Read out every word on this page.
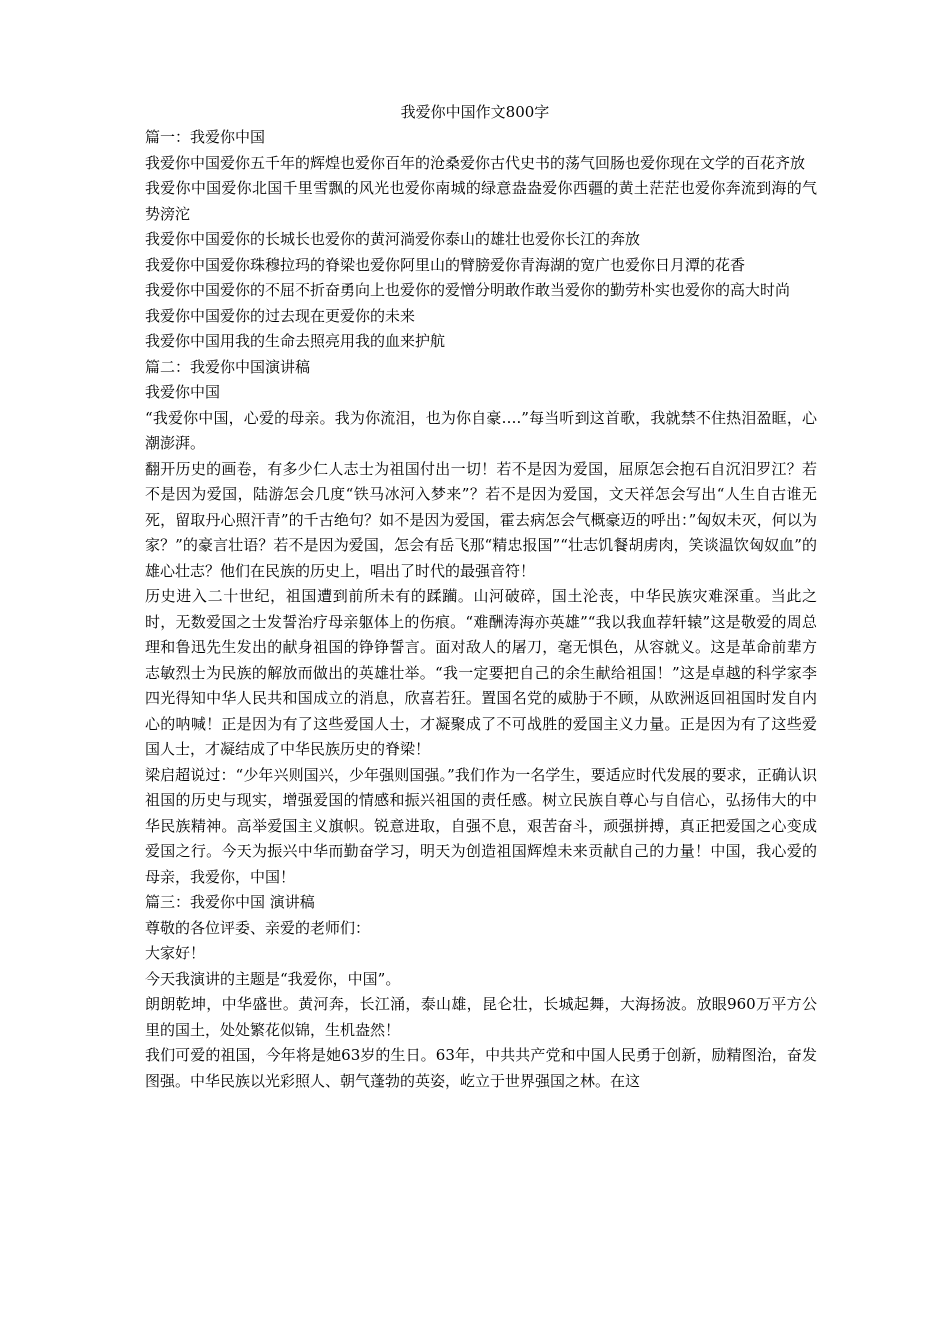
我爱你中国作文800字

篇一：我爱你中国

我爱你中国爱你五千年的辉煌也爱你百年的沧桑爱你古代史书的荡气回肠也爱你现在文学的百花齐放

我爱你中国爱你北国千里雪飘的风光也爱你南城的绿意盎盎爱你西疆的黄土茫茫也爱你奔流到海的气势滂沱

我爱你中国爱你的长城长也爱你的黄河淌爱你泰山的雄壮也爱你长江的奔放

我爱你中国爱你珠穆拉玛的脊梁也爱你阿里山的臂膀爱你青海湖的宽广也爱你日月潭的花香

我爱你中国爱你的不屈不折奋勇向上也爱你的爱憎分明敢作敢当爱你的勤劳朴实也爱你的高大时尚

我爱你中国爱你的过去现在更爱你的未来

我爱你中国用我的生命去照亮用我的血来护航

篇二：我爱你中国演讲稿

我爱你中国

“我爱你中国，心爱的母亲。我为你流泪，也为你自豪….”每当听到这首歌，我就禁不住热泪盈眶，心潮澎湃。

翻开历史的画卷，有多少仁人志士为祖国付出一切！若不是因为爱国，屈原怎会抱石自沉汨罗江？若不是因为爱国，陆游怎会几度“铁马冰河入梦来”？若不是因为爱国，文天祥怎会写出“人生自古谁无死，留取丹心照汗青”的千古绝句？如不是因为爱国，霍去病怎会气概豪迈的呼出：”匈奴未灭，何以为家？”的豪言壮语？若不是因为爱国，怎会有岳飞那“精忠报国”“壮志饥餐胡虏肉，笑谈温饮匈奴血”的雄心壮志？他们在民族的历史上，唱出了时代的最强音符！

历史进入二十世纪，祖国遭到前所未有的蹂躏。山河破碎，国土沦丧，中华民族灾难深重。当此之时，无数爱国之士发誓治疗母亲躯体上的伤痕。“难酬涛海亦英雄”“我以我血荐轩辕”这是敬爱的周总理和鲁迅先生发出的献身祖国的铮铮誓言。面对敌人的屠刀，毫无惧色，从容就义。这是革命前辈方志敏烈士为民族的解放而做出的英雄壮举。“我一定要把自己的余生献给祖国！”这是卓越的科学家李四光得知中华人民共和国成立的消息，欣喜若狂。置国名党的威胁于不顾，从欧洲返回祖国时发自内心的呐喊！正是因为有了这些爱国人士，才凝聚成了不可战胜的爱国主义力量。正是因为有了这些爱国人士，才凝结成了中华民族历史的脊梁！

梁启超说过：“少年兴则国兴，少年强则国强。”我们作为一名学生，要适应时代发展的要求，正确认识祖国的历史与现实，增强爱国的情感和振兴祖国的责任感。树立民族自尊心与自信心，弘扬伟大的中华民族精神。高举爱国主义旗帜。锐意进取，自强不息，艰苦奋斗，顽强拼搏，真正把爱国之心变成爱国之行。今天为振兴中华而勤奋学习，明天为创造祖国辉煌未来贡献自己的力量！中国，我心爱的母亲，我爱你，中国！

篇三：我爱你中国 演讲稿

尊敬的各位评委、亲爱的老师们：

大家好！

今天我演讲的主题是“我爱你，中国”。

朗朗乾坤，中华盛世。黄河奔，长江涌，泰山雄，昆仑壮，长城起舞，大海扬波。放眼960万平方公里的国土，处处繁花似锦，生机盎然！

我们可爱的祖国，今年将是她63岁的生日。63年，中共共产党和中国人民勇于创新，励精图治，奋发图强。中华民族以光彩照人、朝气蓬勃的英姿，屹立于世界强国之林。在这
